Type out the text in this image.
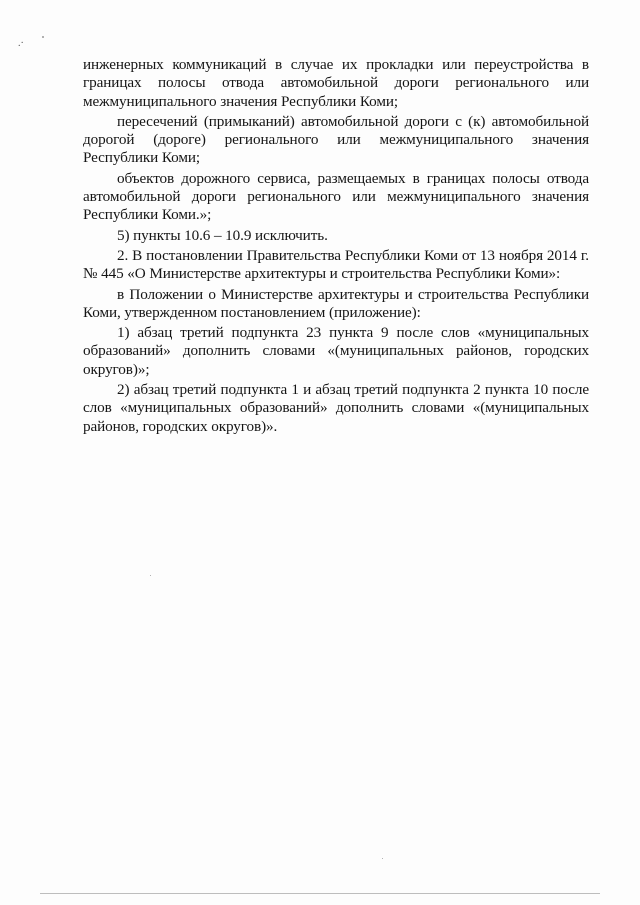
.·

инженерных коммуникаций в случае их прокладки или переустройства в границах полосы отвода автомобильной дороги регионального или межмуниципального значения Республики Коми;

пересечений (примыканий) автомобильной дороги с (к) автомобильной дорогой (дороге) регионального или межмуниципального значения Республики Коми;

объектов дорожного сервиса, размещаемых в границах полосы отвода автомобильной дороги регионального или межмуниципального значения Республики Коми.»;

5) пункты 10.6 – 10.9 исключить.

2. В постановлении Правительства Республики Коми от 13 ноября 2014 г. № 445 «О Министерстве архитектуры и строительства Республики Коми»:

в Положении о Министерстве архитектуры и строительства Республики Коми, утвержденном постановлением (приложение):

1) абзац третий подпункта 23 пункта 9 после слов «муниципальных образований» дополнить словами «(муниципальных районов, городских округов)»;

2) абзац третий подпункта 1 и абзац третий подпункта 2 пункта 10 после слов «муниципальных образований» дополнить словами «(муниципальных районов, городских округов)».
